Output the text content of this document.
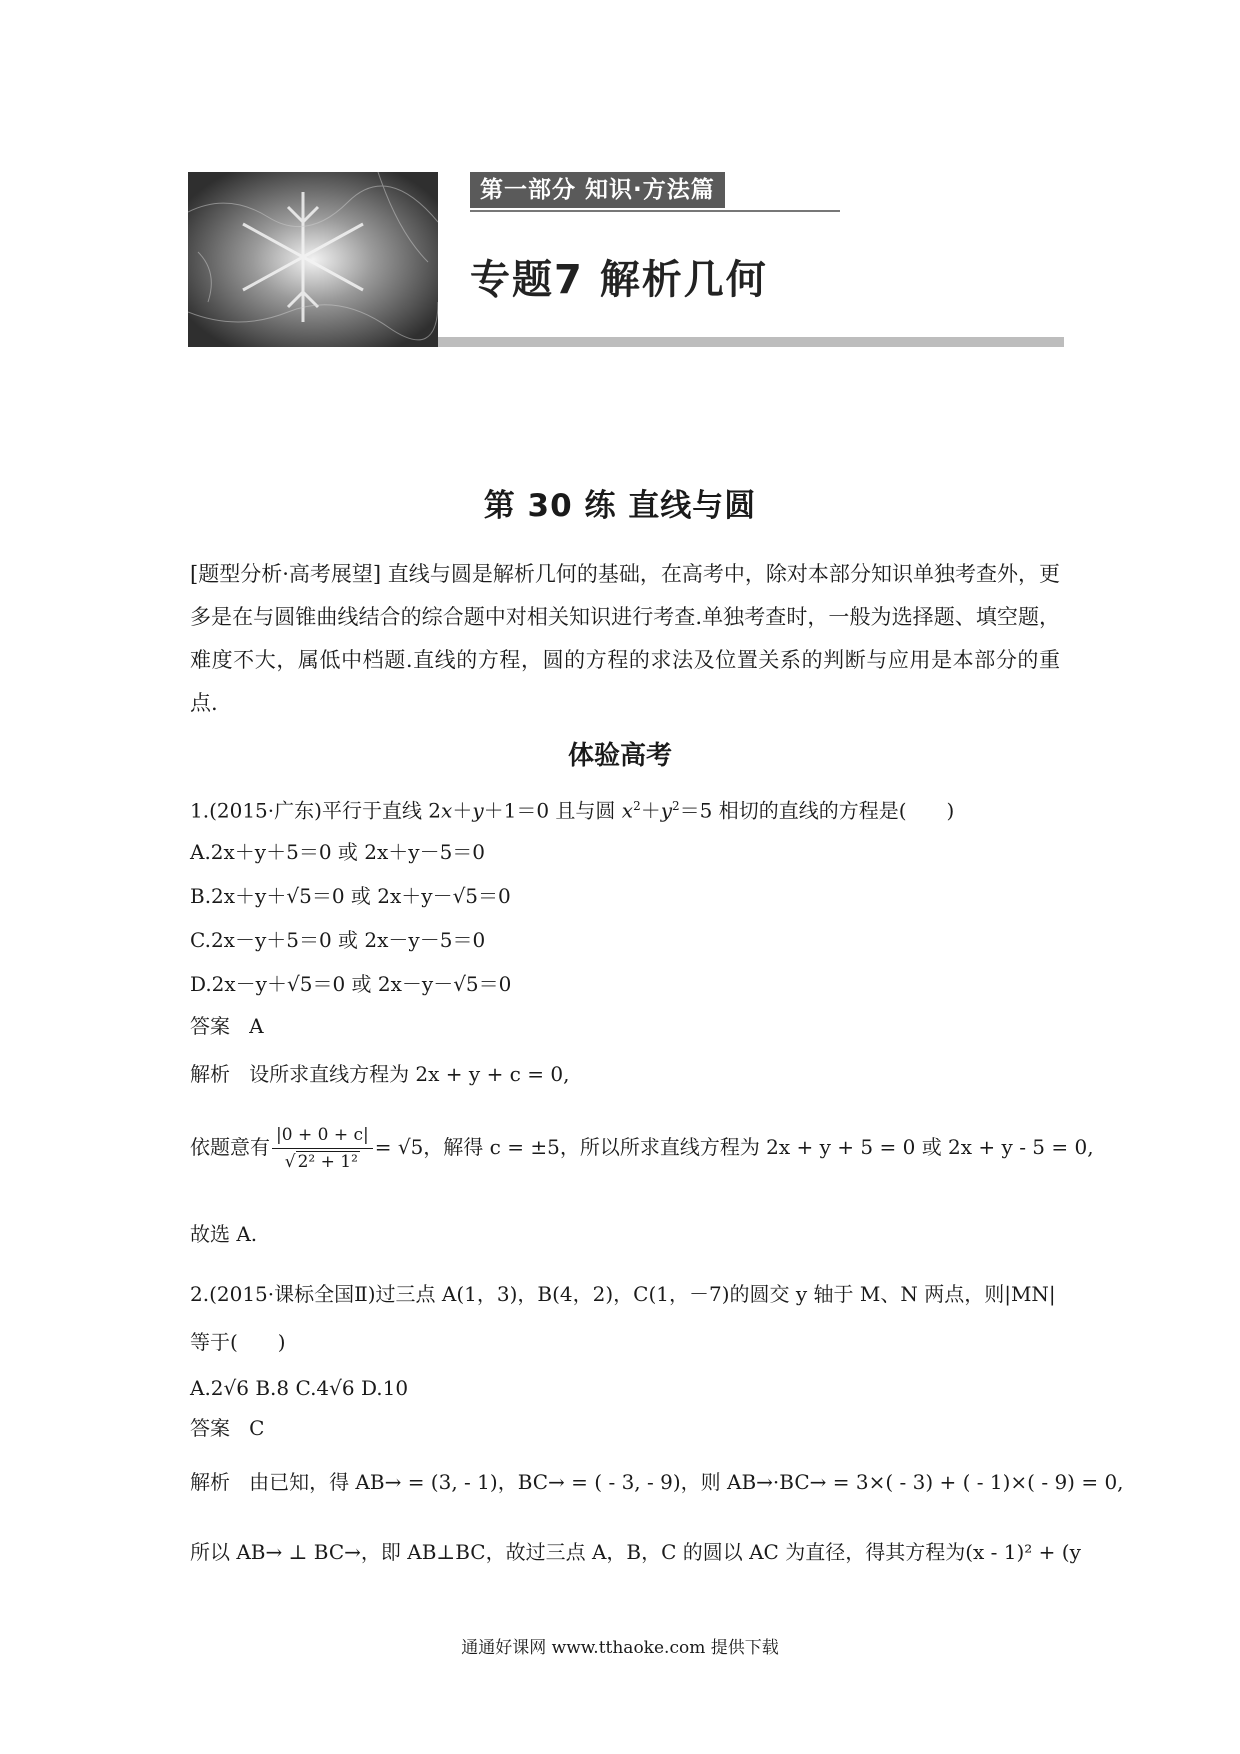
第一部分 知识·方法篇
专题7 解析几何
第 30 练 直线与圆
[题型分析·高考展望] 直线与圆是解析几何的基础，在高考中，除对本部分知识单独考查外，更多是在与圆锥曲线结合的综合题中对相关知识进行考查.单独考查时，一般为选择题、填空题，难度不大，属低中档题.直线的方程，圆的方程的求法及位置关系的判断与应用是本部分的重点.
体验高考
1.(2015·广东)平行于直线 2x＋y＋1＝0 且与圆 $x^2+y^2=5$ 相切的直线的方程是(　　)
A.2x＋y＋5＝0 或 2x＋y－5＝0
B.2x＋y＋√5＝0 或 2x＋y－√5＝0
C.2x－y＋5＝0 或 2x－y－5＝0
D.2x－y＋√5＝0 或 2x－y－√5＝0
答案 A
解析 设所求直线方程为 2x + y + c = 0,
依题意有 $\frac{|0 + 0 + c|}{\text{√ 2² + 1²}} = √5$，解得 c = ±5，所以所求直线方程为 2x + y + 5 = 0 或 2x + y - 5 = 0,
故选 A.
2.(2015·课标全国Ⅱ)过三点 A(1，3)，B(4，2)，C(1，－7)的圆交 y 轴于 M、N 两点，则|MN|
等于(　　)
A.2√6 B.8 C.4√6 D.10
答案 C
解析 由已知，得 AB→ = (3, - 1)，BC→ = ( - 3, - 9)，则 AB→·BC→ = 3×( - 3) + ( - 1)×( - 9) = 0,
所以 AB→ ⊥ BC→，即 AB⊥BC，故过三点 A，B，C 的圆以 AC 为直径，得其方程为(x - 1)² + (y
通通好课网 www.tthaoke.com 提供下载
